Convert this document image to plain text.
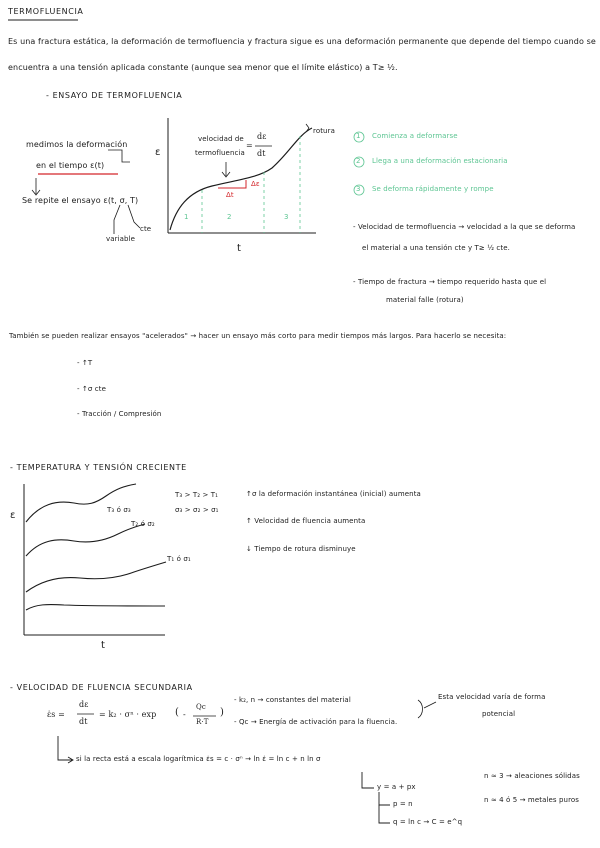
TERMOFLUENCIA
Es una fractura estática, la deformación de termofluencia y fractura sigue es una deformación permanente que depende del tiempo cuando se
encuentra a una tensión aplicada constante (aunque sea menor que el límite elástico) a T≥ ½.
- ENSAYO DE TERMOFLUENCIA
medimos la deformación
en el tiempo ε(t)
Se repite el ensayo ε(t, σ, T)
cte
variable
ε
t
velocidad de
termofluencia
=
dε
dt
Δε
Δt
rotura
1	2	3
1 Comienza a deformarse
2 Llega a una deformación estacionaria
3 Se deforma rápidamente y rompe
- Velocidad de termofluencia → velocidad a la que se deforma
el material a una tensión cte y T≥ ½ cte.
- Tiempo de fractura → tiempo requerido hasta que el
material falle (rotura)
También se pueden realizar ensayos "acelerados" → hacer un ensayo más corto para medir tiempos más largos. Para hacerlo se necesita:
- ↑T
- ↑σ cte
- Tracción / Compresión
- TEMPERATURA Y TENSIÓN CRECIENTE
ε
t
T₃ ó σ₃
T₂ ó σ₂
T₁ ó σ₁
T₃ > T₂ > T₁
σ₃ > σ₂ > σ₁
↑σ la deformación instantánea (inicial) aumenta
↑ Velocidad de fluencia aumenta
↓ Tiempo de rotura disminuye
- VELOCIDAD DE FLUENCIA SECUNDARIA
ε̇s =
dε
dt
= k₂ · σⁿ · exp ( -
Qc
R·T
)
- k₂, n → constantes del material
- Qc → Energía de activación para la fluencia.
Esta velocidad varía de forma
potencial
si la recta está a escala logarítmica ε̇s = c · σⁿ → ln ε̇ = ln c + n ln σ
y = a + px
p = n
q = ln c → C = e^q
n ≈ 3 → aleaciones sólidas
n ≈ 4 ó 5 → metales puros
